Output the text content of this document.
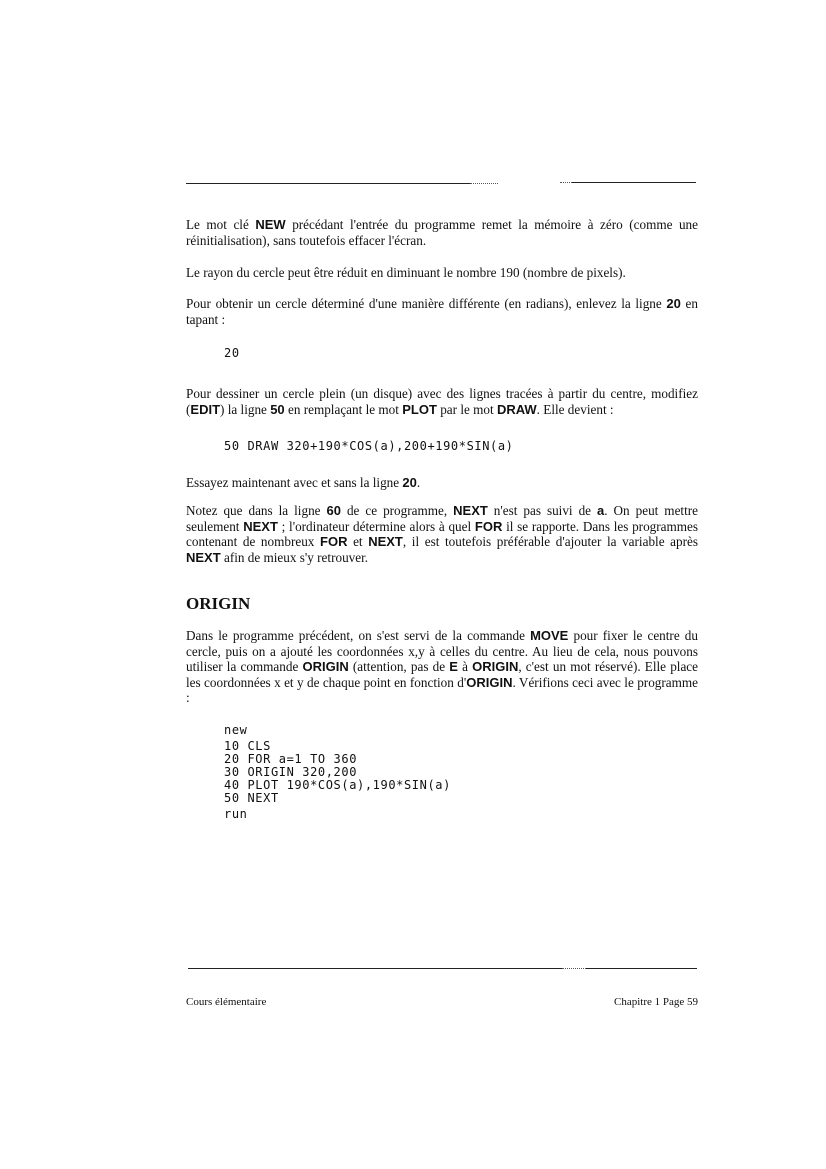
Le mot clé NEW précédant l'entrée du programme remet la mémoire à zéro (comme une réinitialisation), sans toutefois effacer l'écran.

Le rayon du cercle peut être réduit en diminuant le nombre 190 (nombre de pixels).

Pour obtenir un cercle déterminé d'une manière différente (en radians), enlevez la ligne 20 en tapant :

20

Pour dessiner un cercle plein (un disque) avec des lignes tracées à partir du centre, modifiez (EDIT) la ligne 50 en remplaçant le mot PLOT par le mot DRAW. Elle devient :

50 DRAW 320+190*COS(a),200+190*SIN(a)

Essayez maintenant avec et sans la ligne 20.

Notez que dans la ligne 60 de ce programme, NEXT n'est pas suivi de a. On peut mettre seulement NEXT ; l'ordinateur détermine alors à quel FOR il se rapporte. Dans les programmes contenant de nombreux FOR et NEXT, il est toutefois préférable d'ajouter la variable après NEXT afin de mieux s'y retrouver.

ORIGIN

Dans le programme précédent, on s'est servi de la commande MOVE pour fixer le centre du cercle, puis on a ajouté les coordonnées x,y à celles du centre. Au lieu de cela, nous pouvons utiliser la commande ORIGIN (attention, pas de E à ORIGIN, c'est un mot réservé). Elle place les coordonnées x et y de chaque point en fonction d'ORIGIN. Vérifions ceci avec le programme :

new
10 CLS
20 FOR a=1 TO 360
30 ORIGIN 320,200
40 PLOT 190*COS(a),190*SIN(a)
50 NEXT
run
Cours élémentaire	Chapitre 1 Page 59
